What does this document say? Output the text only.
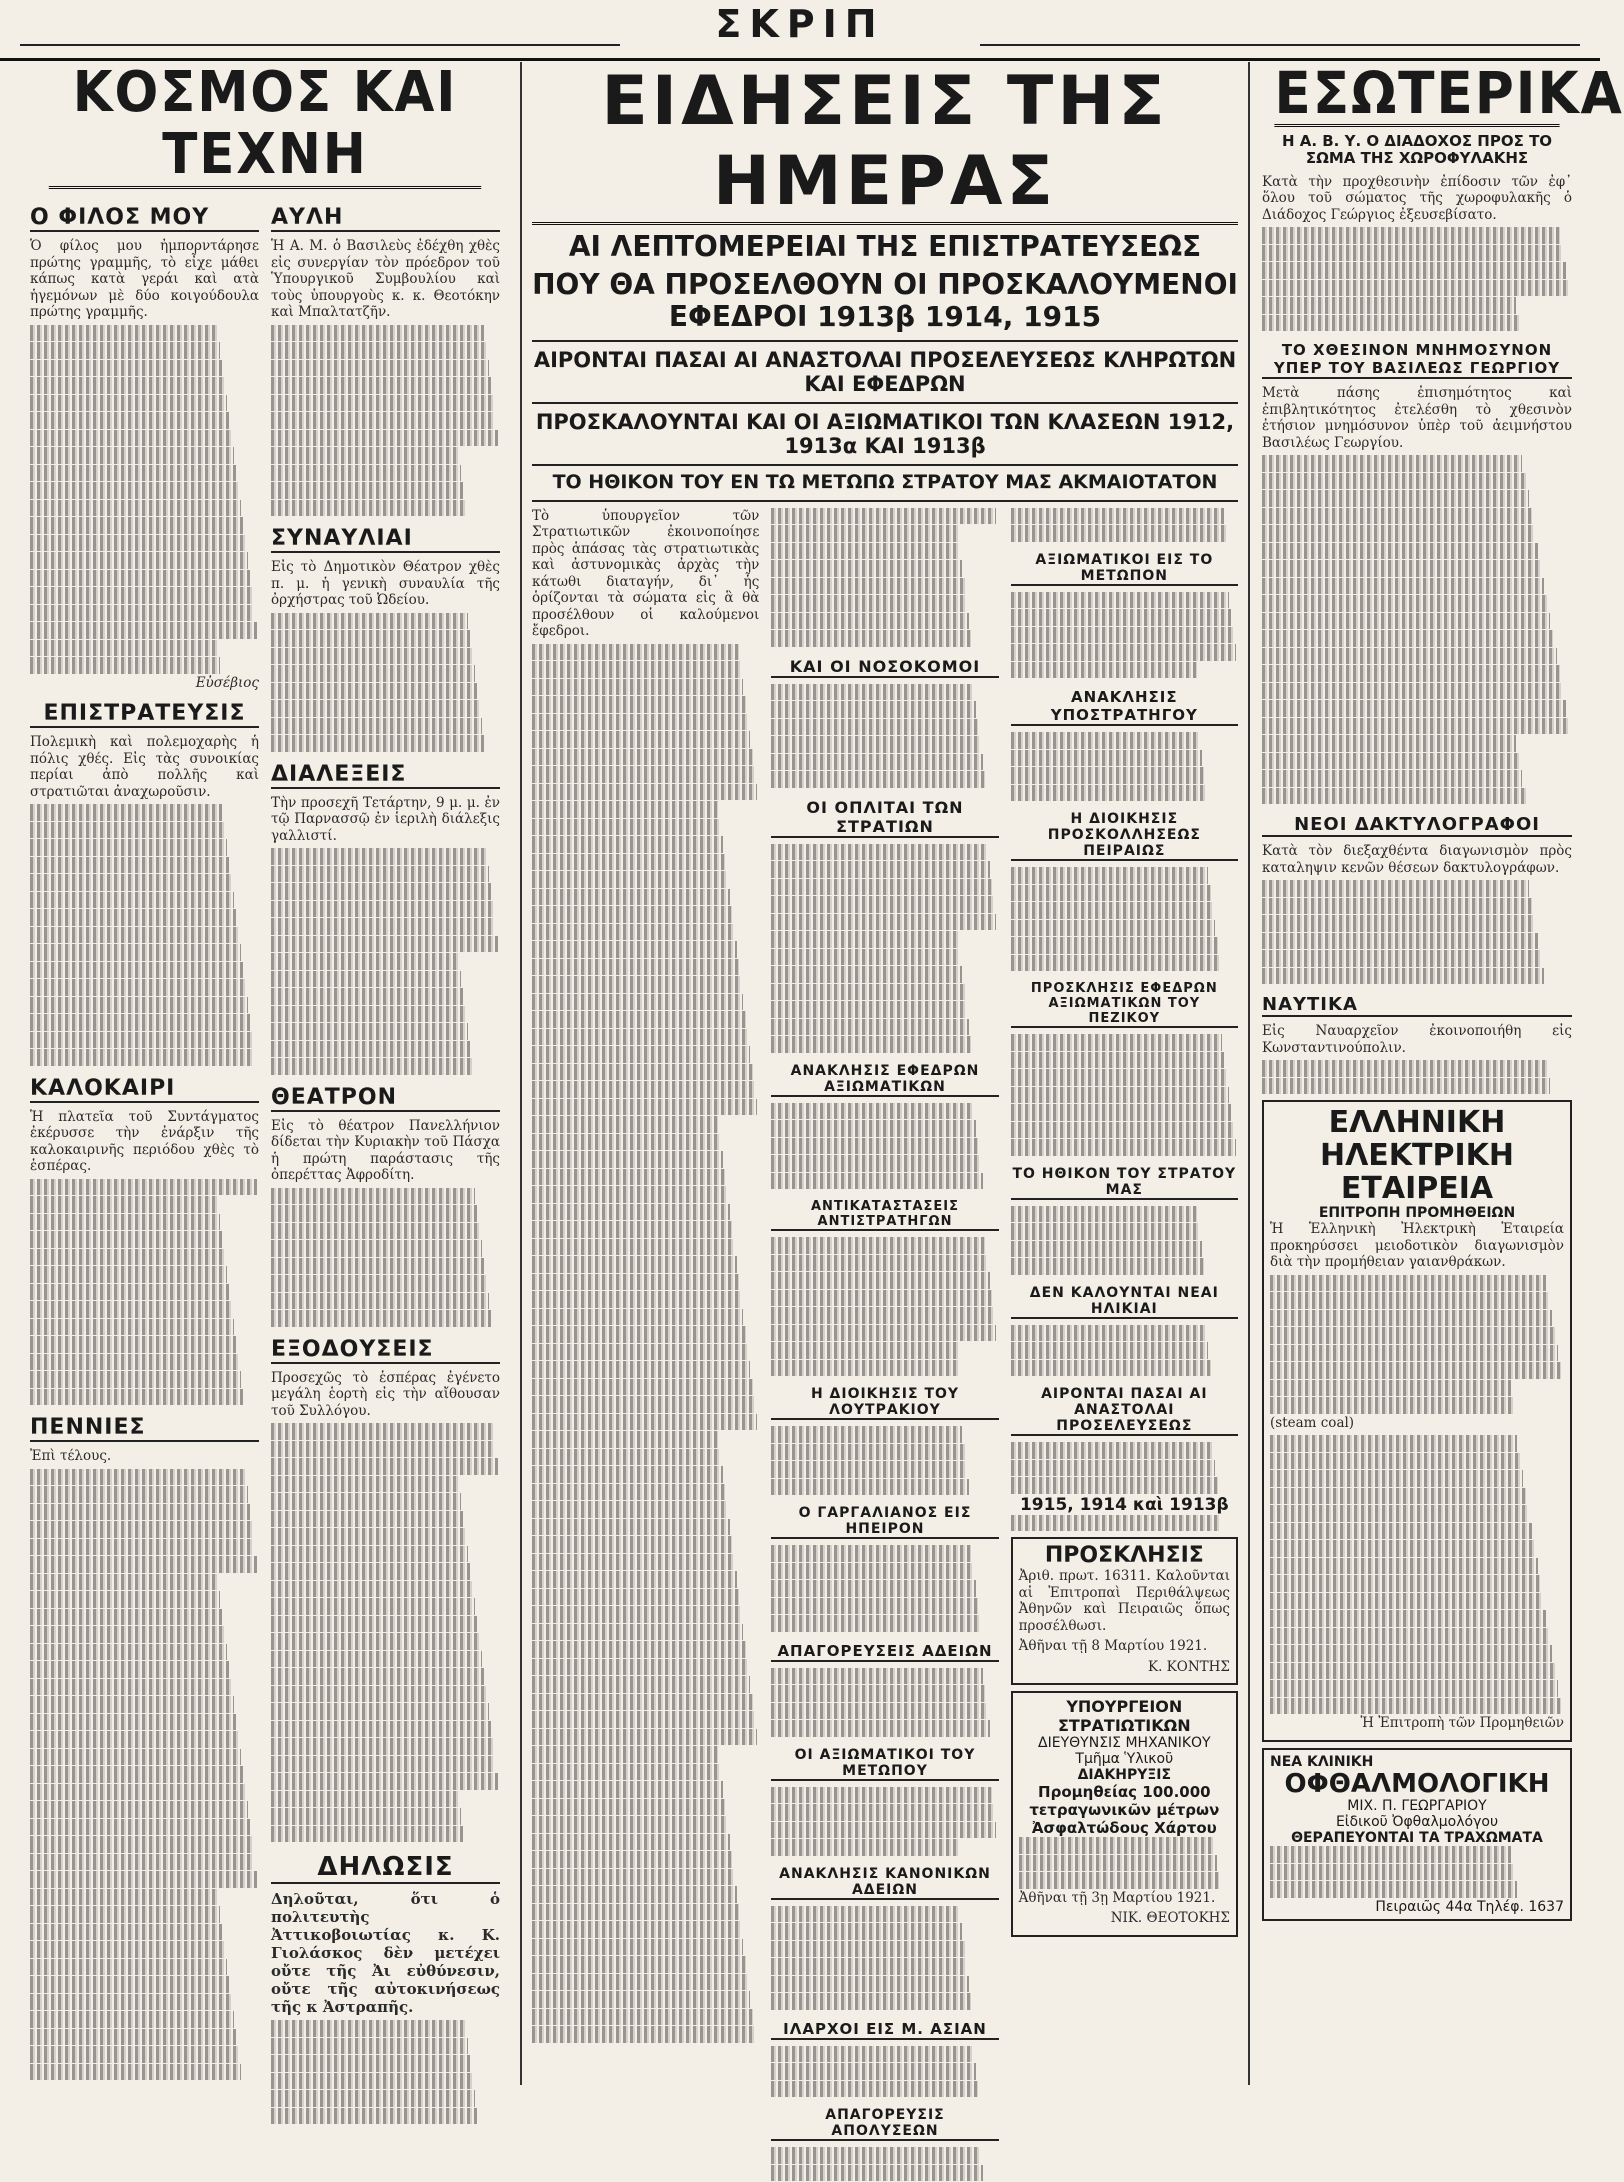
ΣΚΡΙΠ
ΚΟΣΜΟΣ ΚΑΙ ΤΕΧΝΗ
Ο ΦΙΛΟΣ ΜΟΥ

Ὁ φίλος μου ἠμπορντάρησε πρώτης γραμμῆς, τὸ εἶχε μάθει κάπως κατὰ γεράι καὶ ατὰ ἡγεμόνων μὲ δύο κοιγούδουλα πρώτης γραμμῆς.

Εὐσέβιος

ΕΠΙΣΤΡΑΤΕΥΣΙΣ

Πολεμικὴ καὶ πολεμοχαρὴς ἡ πόλις χθές. Εἰς τὰς συνοικίας περίαι ἀπὸ πολλῆς καὶ στρατιῶται ἀναχωροῦσιν.

ΚΑΛΟΚΑΙΡΙ

Ἡ πλατεῖα τοῦ Συντάγματος ἐκέρυσσε τὴν ἐνάρξιν τῆς καλοκαιρινῆς περιόδου χθὲς τὸ ἑσπέρας.

ΠΕΝΝΙΕΣ

Ἐπὶ τέλους.

ΑΥΛΗ

Ἡ Α. Μ. ὁ Βασιλεὺς ἐδέχθη χθὲς εἰς συνεργίαν τὸν πρόεδρον τοῦ Ὑπουργικοῦ Συμβουλίου καὶ τοὺς ὑπουργοὺς κ. κ. Θεοτόκην καὶ Μπαλτατζῆν.

ΣΥΝΑΥΛΙΑΙ

Εἰς τὸ Δημοτικὸν Θέατρον χθὲς π. μ. ἡ γενικὴ συναυλία τῆς ὀρχήστρας τοῦ Ὠδείου.

ΔΙΑΛΕΞΕΙΣ

Τὴν προσεχῆ Τετάρτην, 9 μ. μ. ἐν τῷ Παρνασσῷ ἐν ἱεριλὴ διάλεξις γαλλιστί.

ΘΕΑΤΡΟΝ

Εἰς τὸ θέατρον Πανελλήνιον δίδεται τὴν Κυριακὴν τοῦ Πάσχα ἡ πρώτη παράστασις τῆς ὀπερέττας Ἀφροδίτη.

ΕΞΟΔΟΥΣΕΙΣ

Προσεχῶς τὸ ἑσπέρας ἐγένετο μεγάλη ἑορτὴ εἰς τὴν αἴθουσαν τοῦ Συλλόγου.

ΔΗΛΩΣΙΣ

Δηλοῦται, ὅτι ὁ πολιτευτὴς Ἀττικοβοιωτίας κ. Κ. Γιολάσκος δὲν μετέχει οὔτε τῆς Ἀι εὐθύνεσιν, οὔτε τῆς αὐτοκινήσεως τῆς κ Ἀστραπῆς.

ΕΙΔΗΣΕΙΣ ΤΗΣ ΗΜΕΡΑΣ
ΑΙ ΛΕΠΤΟΜΕΡΕΙΑΙ ΤΗΣ ΕΠΙΣΤΡΑΤΕΥΣΕΩΣ
ΠΟΥ ΘΑ ΠΡΟΣΕΛΘΟΥΝ ΟΙ ΠΡΟΣΚΑΛΟΥΜΕΝΟΙ ΕΦΕΔΡΟΙ 1913β 1914, 1915
ΑΙΡΟΝΤΑΙ ΠΑΣΑΙ ΑΙ ΑΝΑΣΤΟΛΑΙ ΠΡΟΣΕΛΕΥΣΕΩΣ ΚΛΗΡΩΤΩΝ ΚΑΙ ΕΦΕΔΡΩΝ
ΠΡΟΣΚΑΛΟΥΝΤΑΙ ΚΑΙ ΟΙ ΑΞΙΩΜΑΤΙΚΟΙ ΤΩΝ ΚΛΑΣΕΩΝ 1912, 1913α ΚΑΙ 1913β
ΤΟ ΗΘΙΚΟΝ ΤΟΥ ΕΝ ΤΩ ΜΕΤΩΠΩ ΣΤΡΑΤΟΥ ΜΑΣ ΑΚΜΑΙΟΤΑΤΟΝ

Τὸ ὑπουργεῖον τῶν Στρατιωτικῶν ἐκοινοποίησε πρὸς ἁπάσας τὰς στρατιωτικὰς καὶ ἀστυνομικὰς ἀρχὰς τὴν κάτωθι διαταγήν, δι᾽ ἧς ὁρίζονται τὰ σώματα εἰς ἃ θὰ προσέλθουν οἱ καλούμενοι ἔφεδροι.

ΚΑΙ ΟΙ ΝΟΣΟΚΟΜΟΙ
ΟΙ ΟΠΛΙΤΑΙ ΤΩΝ ΣΤΡΑΤΙΩΝ
ΑΝΑΚΛΗΣΙΣ ΕΦΕΔΡΩΝ ΑΞΙΩΜΑΤΙΚΩΝ
ΑΝΤΙΚΑΤΑΣΤΑΣΕΙΣ ΑΝΤΙΣΤΡΑΤΗΓΩΝ
Η ΔΙΟΙΚΗΣΙΣ ΤΟΥ ΛΟΥΤΡΑΚΙΟΥ
Ο ΓΑΡΓΑΛΙΑΝΟΣ ΕΙΣ ΗΠΕΙΡΟΝ
ΑΠΑΓΟΡΕΥΣΕΙΣ ΑΔΕΙΩΝ
ΟΙ ΑΞΙΩΜΑΤΙΚΟΙ ΤΟΥ ΜΕΤΩΠΟΥ
ΑΝΑΚΛΗΣΙΣ ΚΑΝΟΝΙΚΩΝ ΑΔΕΙΩΝ
ΙΛΑΡΧΟΙ ΕΙΣ Μ. ΑΣΙΑΝ
ΑΠΑΓΟΡΕΥΣΙΣ ΑΠΟΛΥΣΕΩΝ
ΑΞΙΩΜΑΤΙΚΟΙ ΕΙΣ ΤΟ ΜΕΤΩΠΟΝ
ΑΝΑΚΛΗΣΙΣ ΥΠΟΣΤΡΑΤΗΓΟΥ
Η ΔΙΟΙΚΗΣΙΣ ΠΡΟΣΚΟΛΛΗΣΕΩΣ ΠΕΙΡΑΙΩΣ
ΠΡΟΣΚΛΗΣΙΣ ΕΦΕΔΡΩΝ ΑΞΙΩΜΑΤΙΚΩΝ ΤΟΥ ΠΕΖΙΚΟΥ
ΤΟ ΗΘΙΚΟΝ ΤΟΥ ΣΤΡΑΤΟΥ ΜΑΣ
ΔΕΝ ΚΑΛΟΥΝΤΑΙ ΝΕΑΙ ΗΛΙΚΙΑΙ
ΑΙΡΟΝΤΑΙ ΠΑΣΑΙ ΑΙ ΑΝΑΣΤΟΛΑΙ ΠΡΟΣΕΛΕΥΣΕΩΣ
1915, 1914 καὶ 1913β
ΠΡΟΣΚΛΗΣΙΣ

Ἀριθ. πρωτ. 16311. Καλοῦνται αἱ Ἐπιτροπαὶ Περιθάλψεως Ἀθηνῶν καὶ Πειραιῶς ὅπως προσέλθωσι.

Ἀθῆναι τῇ 8 Μαρτίου 1921.

Κ. ΚΟΝΤΗΣ

ΥΠΟΥΡΓΕΙΟΝ ΣΤΡΑΤΙΩΤΙΚΩΝ
ΔΙΕΥΘΥΝΣΙΣ ΜΗΧΑΝΙΚΟΥ
Τμῆμα Ὑλικοῦ
ΔΙΑΚΗΡΥΞΙΣ
Προμηθείας 100.000 τετραγωνικῶν μέτρων Ἀσφαλτώδους Χάρτου

Ἀθῆναι τῇ 3ῃ Μαρτίου 1921.

ΝΙΚ. ΘΕΟΤΟΚΗΣ

ΕΣΩΤΕΡΙΚΑ
Η Α. Β. Υ. Ο ΔΙΑΔΟΧΟΣ ΠΡΟΣ ΤΟ ΣΩΜΑ ΤΗΣ ΧΩΡΟΦΥΛΑΚΗΣ

Κατὰ τὴν προχθεσινὴν ἐπίδοσιν τῶν ἐφ᾽ ὅλου τοῦ σώματος τῆς χωροφυλακῆς ὁ Διάδοχος Γεώργιος ἐξευσεβίσατο.

ΤΟ ΧΘΕΣΙΝΟΝ ΜΝΗΜΟΣΥΝΟΝ ΥΠΕΡ ΤΟΥ ΒΑΣΙΛΕΩΣ ΓΕΩΡΓΙΟΥ

Μετὰ πάσης ἐπισημότητος καὶ ἐπιβλητικότητος ἐτελέσθη τὸ χθεσινὸν ἐτήσιον μνημόσυνον ὑπὲρ τοῦ ἀειμνήστου Βασιλέως Γεωργίου.

ΝΕΟΙ ΔΑΚΤΥΛΟΓΡΑΦΟΙ

Κατὰ τὸν διεξαχθέντα διαγωνισμὸν πρὸς καταληψιν κενῶν θέσεων δακτυλογράφων.

ΝΑΥΤΙΚΑ

Εἰς Ναυαρχεῖον ἐκοινοποιήθη εἰς Κωνσταντινούπολιν.

ΕΛΛΗΝΙΚΗ ΗΛΕΚΤΡΙΚΗ ΕΤΑΙΡΕΙΑ
ΕΠΙΤΡΟΠΗ ΠΡΟΜΗΘΕΙΩΝ

Ἡ Ἑλληνικὴ Ἠλεκτρικὴ Ἑταιρεία προκηρύσσει μειοδοτικὸν διαγωνισμὸν διὰ τὴν προμήθειαν γαιανθράκων.

(steam coal)

Ἡ Ἐπιτροπὴ τῶν Προμηθειῶν

ΝΕΑ ΚΛΙΝΙΚΗ
ΟΦΘΑΛΜΟΛΟΓΙΚΗ
ΜΙΧ. Π. ΓΕΩΡΓΑΡΙΟΥ
Εἰδικοῦ Ὀφθαλμολόγου
ΘΕΡΑΠΕΥΟΝΤΑΙ ΤΑ ΤΡΑΧΩΜΑΤΑ
Πειραιῶς 44α Τηλέφ. 1637
